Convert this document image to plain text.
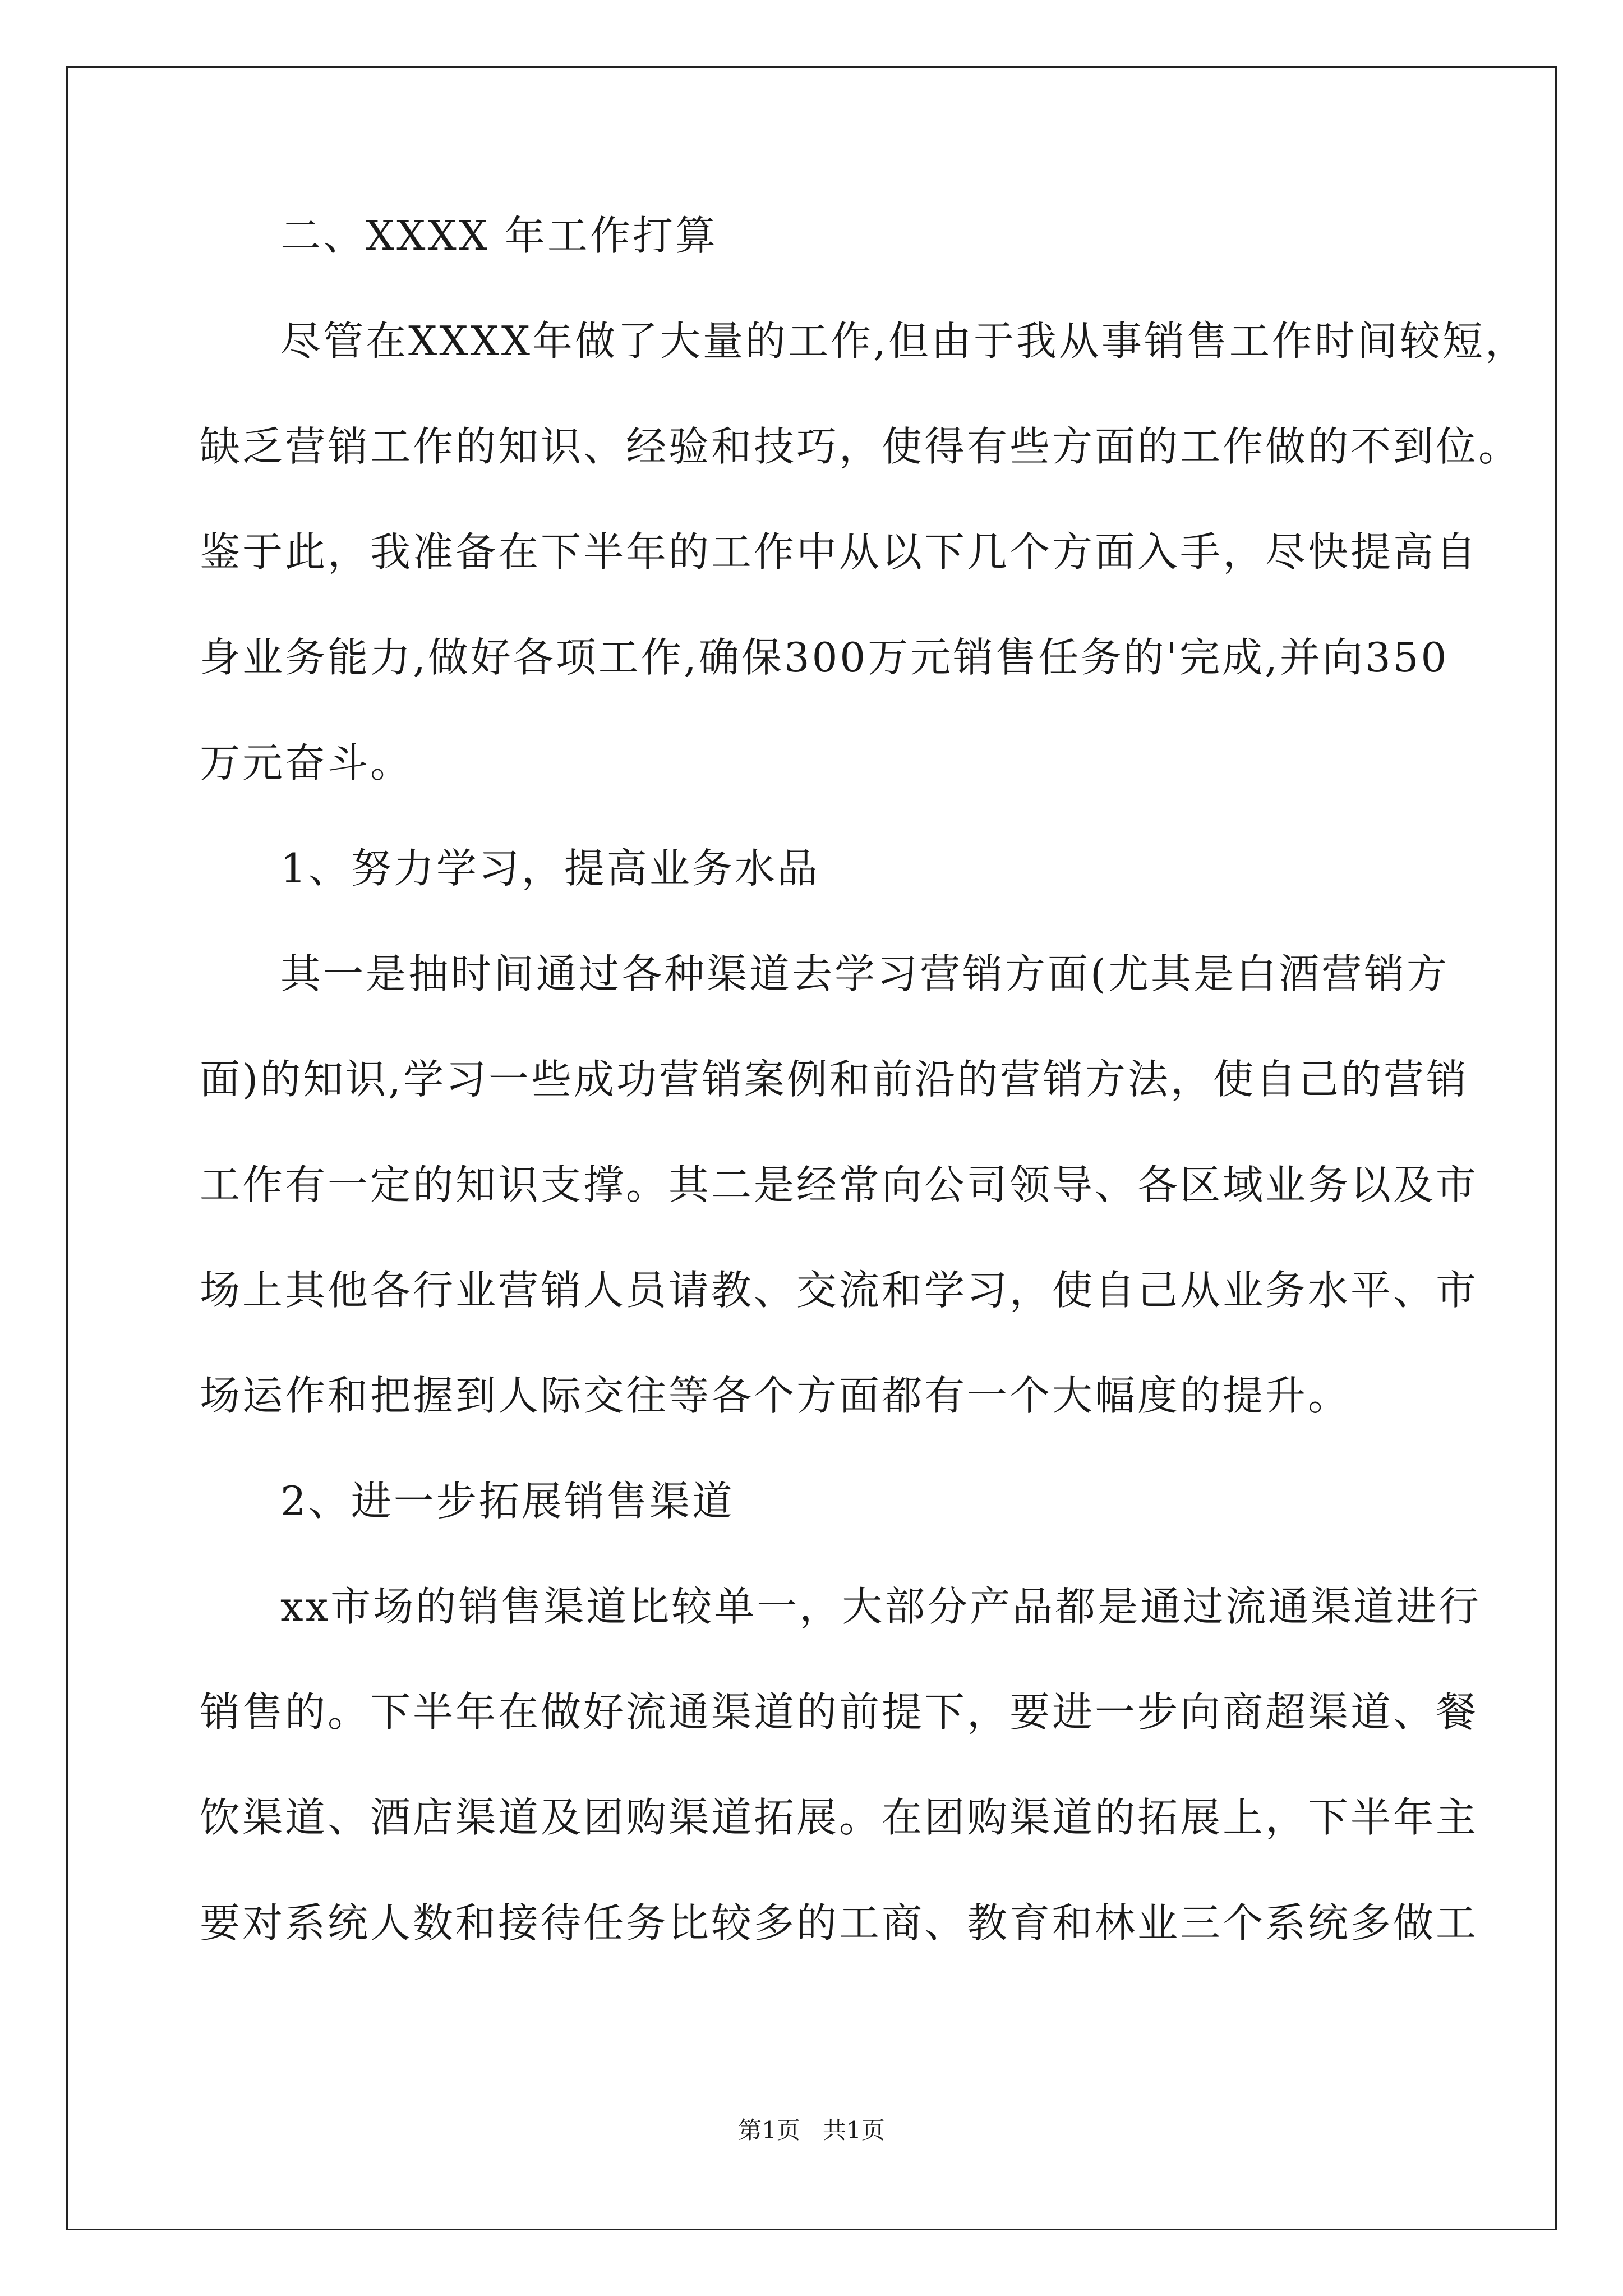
二、XXXX 年工作打算
尽管在XXXX年做了大量的工作,但由于我从事销售工作时间较短，
缺乏营销工作的知识、经验和技巧，使得有些方面的工作做的不到位。
鉴于此，我准备在下半年的工作中从以下几个方面入手，尽快提高自
身业务能力,做好各项工作,确保300万元销售任务的'完成,并向350
万元奋斗。
1、努力学习，提高业务水品
其一是抽时间通过各种渠道去学习营销方面(尤其是白酒营销方
面)的知识,学习一些成功营销案例和前沿的营销方法，使自己的营销
工作有一定的知识支撑。其二是经常向公司领导、各区域业务以及市
场上其他各行业营销人员请教、交流和学习，使自己从业务水平、市
场运作和把握到人际交往等各个方面都有一个大幅度的提升。
2、进一步拓展销售渠道
xx市场的销售渠道比较单一，大部分产品都是通过流通渠道进行
销售的。下半年在做好流通渠道的前提下，要进一步向商超渠道、餐
饮渠道、酒店渠道及团购渠道拓展。在团购渠道的拓展上，下半年主
要对系统人数和接待任务比较多的工商、教育和林业三个系统多做工
第1页   共1页
